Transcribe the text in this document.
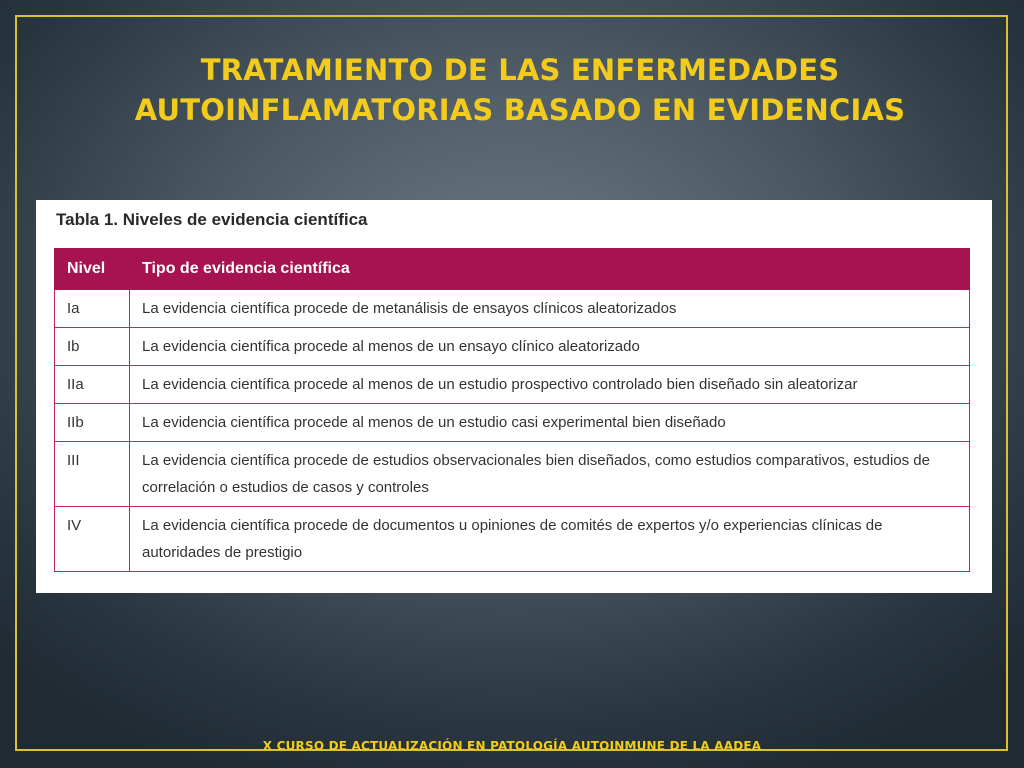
TRATAMIENTO DE LAS ENFERMEDADES
AUTOINFLAMATORIAS BASADO EN EVIDENCIAS
Tabla 1. Niveles de evidencia científica
Nivel	Tipo de evidencia científica
Ia	La evidencia científica procede de metanálisis de ensayos clínicos aleatorizados
Ib	La evidencia científica procede al menos de un ensayo clínico aleatorizado
IIa	La evidencia científica procede al menos de un estudio prospectivo controlado bien diseñado sin aleatorizar
IIb	La evidencia científica procede al menos de un estudio casi experimental bien diseñado
III	La evidencia científica procede de estudios observacionales bien diseñados, como estudios comparativos, estudios de correlación o estudios de casos y controles
IV	La evidencia científica procede de documentos u opiniones de comités de expertos y/o experiencias clínicas de autoridades de prestigio
X CURSO DE ACTUALIZACIÓN EN PATOLOGÍA AUTOINMUNE DE LA AADEA
